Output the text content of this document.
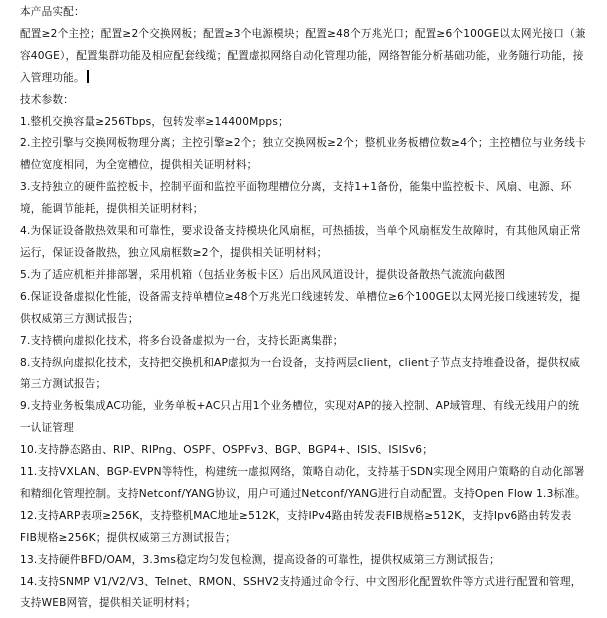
本产品实配：

配置≥2个主控；配置≥2个交换网板；配置≥3个电源模块；配置≥48个万兆光口；配置≥6个100GE以太网光接口（兼容40GE），配置集群功能及相应配套线缆；配置虚拟网络自动化管理功能，网络智能分析基础功能，业务随行功能，接入管理功能。

技术参数：

1.整机交换容量≥256Tbps，包转发率≥14400Mpps；

2.主控引擎与交换网板物理分离；主控引擎≥2个；独立交换网板≥2个；整机业务板槽位数≥4个；主控槽位与业务线卡槽位宽度相同，为全宽槽位，提供相关证明材料；

3.支持独立的硬件监控板卡，控制平面和监控平面物理槽位分离，支持1+1备份，能集中监控板卡、风扇、电源、环境，能调节能耗，提供相关证明材料；

4.为保证设备散热效果和可靠性，要求设备支持模块化风扇框，可热插拔，当单个风扇框发生故障时，有其他风扇正常运行，保证设备散热，独立风扇框数≥2个，提供相关证明材料；

5.为了适应机柜并排部署，采用机箱（包括业务板卡区）后出风风道设计，提供设备散热气流流向截图

6.保证设备虚拟化性能，设备需支持单槽位≥48个万兆光口线速转发、单槽位≥6个100GE以太网光接口线速转发，提供权威第三方测试报告；

7.支持横向虚拟化技术，将多台设备虚拟为一台，支持长距离集群；

8.支持纵向虚拟化技术，支持把交换机和AP虚拟为一台设备，支持两层client，client子节点支持堆叠设备，提供权威第三方测试报告；

9.支持业务板集成AC功能，业务单板+AC只占用1个业务槽位，实现对AP的接入控制、AP域管理、有线无线用户的统一认证管理

10.支持静态路由、RIP、RIPng、OSPF、OSPFv3、BGP、BGP4+、ISIS、ISISv6；

11.支持VXLAN、BGP-EVPN等特性，构建统一虚拟网络，策略自动化，支持基于SDN实现全网用户策略的自动化部署和精细化管理控制。支持Netconf/YANG协议，用户可通过Netconf/YANG进行自动配置。支持Open Flow 1.3标准。

12.支持ARP表项≥256K，支持整机MAC地址≥512K，支持IPv4路由转发表FIB规格≥512K，支持Ipv6路由转发表FIB规格≥256K；提供权威第三方测试报告；

13.支持硬件BFD/OAM，3.3ms稳定均匀发包检测，提高设备的可靠性，提供权威第三方测试报告；

14.支持SNMP V1/V2/V3、Telnet、RMON、SSHV2支持通过命令行、中文图形化配置软件等方式进行配置和管理，支持WEB网管，提供相关证明材料；
